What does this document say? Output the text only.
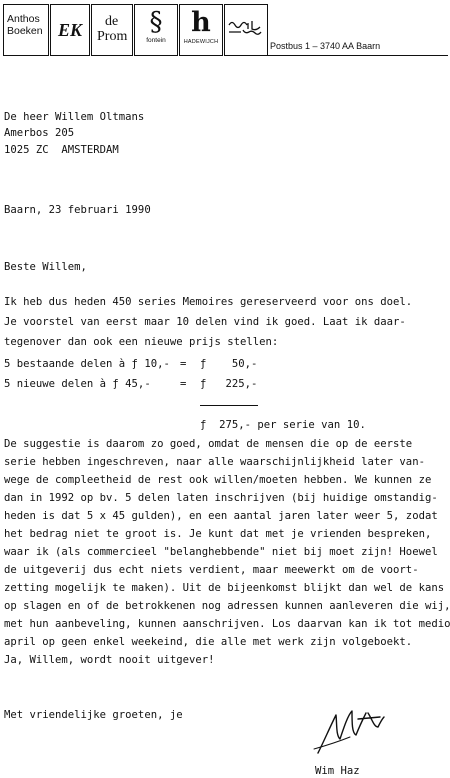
Anthos
Boeken EK	de
Prom §
fontein
h
HADEWIJCH	Postbus 1 – 3740 AA Baarn
De heer Willem Oltmans
Amerbos 205
1025 ZC  AMSTERDAM
Baarn, 23 februari 1990
Beste Willem,
Ik heb dus heden 450 series Memoires gereserveerd voor ons doel.
Je voorstel van eerst maar 10 delen vind ik goed. Laat ik daar-
tegenover dan ook een nieuwe prijs stellen:
5 bestaande delen à ƒ 10,- = ƒ    50,-
5 nieuwe delen à ƒ 45,-	= ƒ   225,-
ƒ  275,- per serie van 10.
De suggestie is daarom zo goed, omdat de mensen die op de eerste
serie hebben ingeschreven, naar alle waarschijnlijkheid later van-
wege de compleetheid de rest ook willen/moeten hebben. We kunnen ze
dan in 1992 op bv. 5 delen laten inschrijven (bij huidige omstandig-
heden is dat 5 x 45 gulden), en een aantal jaren later weer 5, zodat
het bedrag niet te groot is. Je kunt dat met je vrienden bespreken,
waar ik (als commercieel "belanghebbende" niet bij moet zijn! Hoewel
de uitgeverij dus echt niets verdient, maar meewerkt om de voort-
zetting mogelijk te maken). Uit de bijeenkomst blijkt dan wel de kans
op slagen en of de betrokkenen nog adressen kunnen aanleveren die wij,
met hun aanbeveling, kunnen aanschrijven. Los daarvan kan ik tot medio
april op geen enkel weekeind, die alle met werk zijn volgeboekt.
Ja, Willem, wordt nooit uitgever!
Met vriendelijke groeten, je
Wim Haz
